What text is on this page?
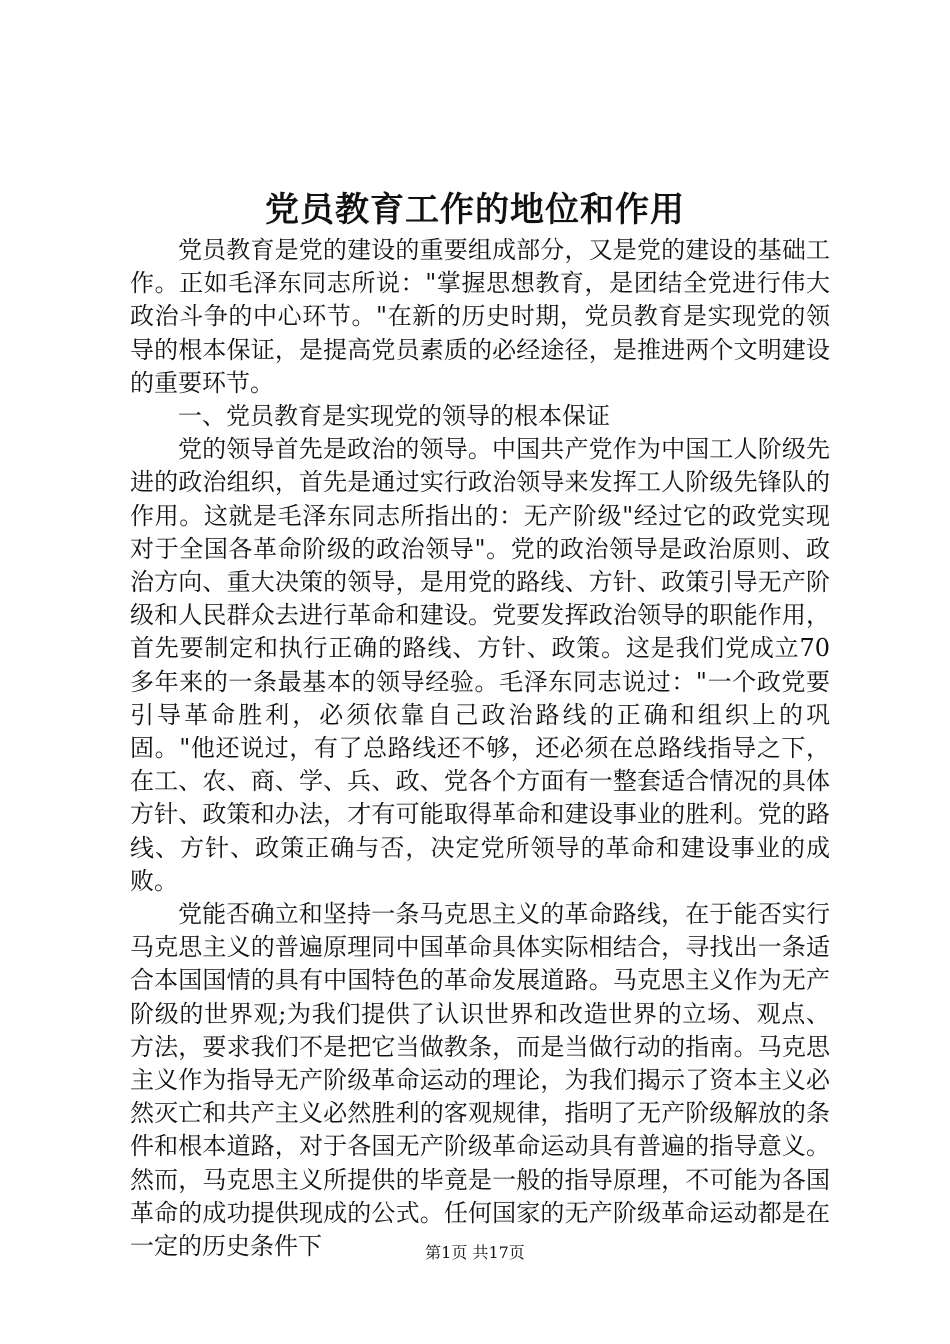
党员教育工作的地位和作用

党员教育是党的建设的重要组成部分，又是党的建设的基础工作。正如毛泽东同志所说："掌握思想教育，是团结全党进行伟大政治斗争的中心环节。"在新的历史时期，党员教育是实现党的领导的根本保证，是提高党员素质的必经途径，是推进两个文明建设的重要环节。

一、党员教育是实现党的领导的根本保证

党的领导首先是政治的领导。中国共产党作为中国工人阶级先进的政治组织，首先是通过实行政治领导来发挥工人阶级先锋队的作用。这就是毛泽东同志所指出的：无产阶级"经过它的政党实现对于全国各革命阶级的政治领导"。党的政治领导是政治原则、政治方向、重大决策的领导，是用党的路线、方针、政策引导无产阶级和人民群众去进行革命和建设。党要发挥政治领导的职能作用，首先要制定和执行正确的路线、方针、政策。这是我们党成立70多年来的一条最基本的领导经验。毛泽东同志说过："一个政党要引导革命胜利，必须依靠自己政治路线的正确和组织上的巩固。"他还说过，有了总路线还不够，还必须在总路线指导之下，在工、农、商、学、兵、政、党各个方面有一整套适合情况的具体方针、政策和办法，才有可能取得革命和建设事业的胜利。党的路线、方针、政策正确与否，决定党所领导的革命和建设事业的成败。

党能否确立和坚持一条马克思主义的革命路线，在于能否实行马克思主义的普遍原理同中国革命具体实际相结合，寻找出一条适合本国国情的具有中国特色的革命发展道路。马克思主义作为无产阶级的世界观;为我们提供了认识世界和改造世界的立场、观点、方法，要求我们不是把它当做教条，而是当做行动的指南。马克思主义作为指导无产阶级革命运动的理论，为我们揭示了资本主义必然灭亡和共产主义必然胜利的客观规律，指明了无产阶级解放的条件和根本道路，对于各国无产阶级革命运动具有普遍的指导意义。然而，马克思主义所提供的毕竟是一般的指导原理，不可能为各国革命的成功提供现成的公式。任何国家的无产阶级革命运动都是在一定的历史条件下	第1页 共17页
